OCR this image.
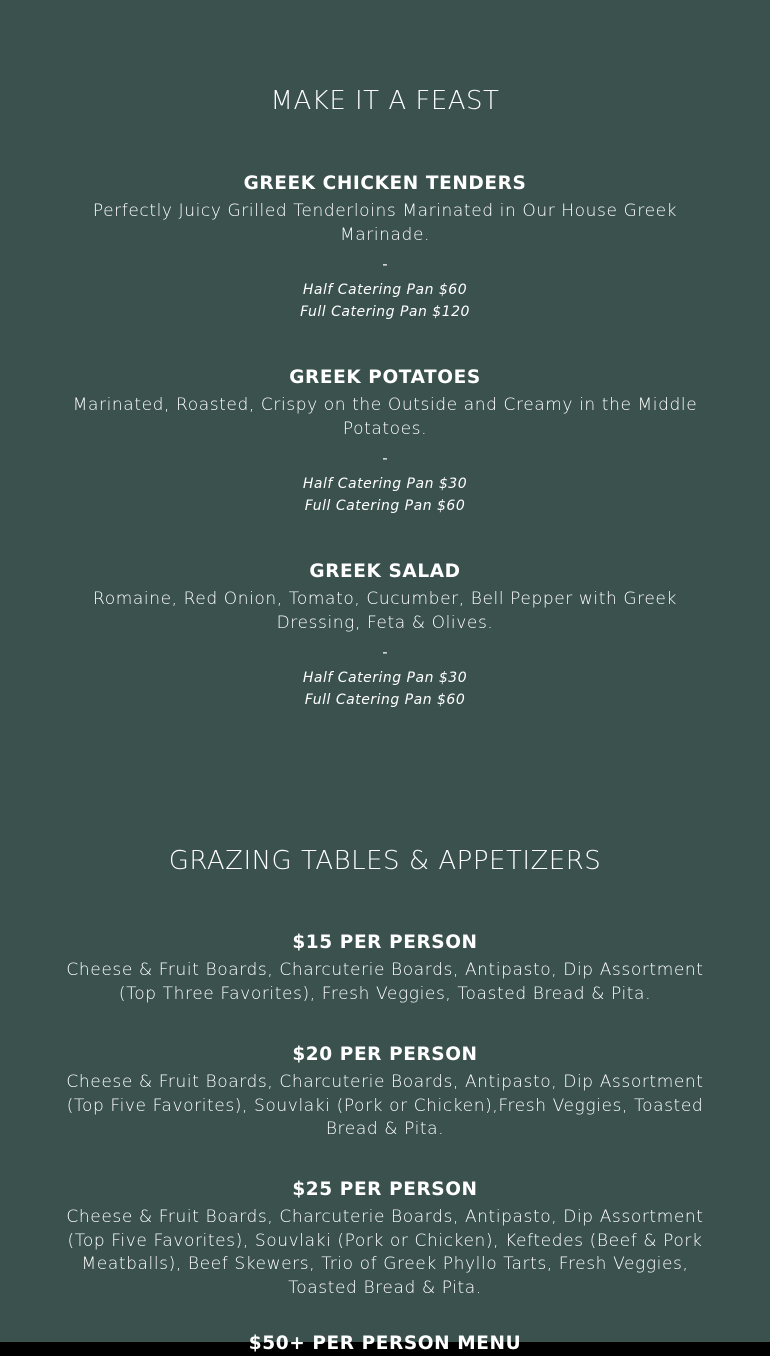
MAKE IT A FEAST
GREEK CHICKEN TENDERS
Perfectly Juicy Grilled Tenderloins Marinated in Our House Greek Marinade.
-
Half Catering Pan $60
Full Catering Pan $120
GREEK POTATOES
Marinated, Roasted, Crispy on the Outside and Creamy in the Middle Potatoes.
-
Half Catering Pan $30
Full Catering Pan $60
GREEK SALAD
Romaine, Red Onion, Tomato, Cucumber, Bell Pepper with Greek Dressing, Feta & Olives.
-
Half Catering Pan $30
Full Catering Pan $60
GRAZING TABLES & APPETIZERS
$15 PER PERSON
Cheese & Fruit Boards, Charcuterie Boards, Antipasto, Dip Assortment (Top Three Favorites), Fresh Veggies, Toasted Bread & Pita.
$20 PER PERSON
Cheese & Fruit Boards, Charcuterie Boards, Antipasto, Dip Assortment (Top Five Favorites), Souvlaki (Pork or Chicken),Fresh Veggies, Toasted Bread & Pita.
$25 PER PERSON
Cheese & Fruit Boards, Charcuterie Boards, Antipasto, Dip Assortment (Top Five Favorites), Souvlaki (Pork or Chicken), Keftedes (Beef & Pork Meatballs), Beef Skewers, Trio of Greek Phyllo Tarts, Fresh Veggies, Toasted Bread & Pita.
$50+ PER PERSON MENU
